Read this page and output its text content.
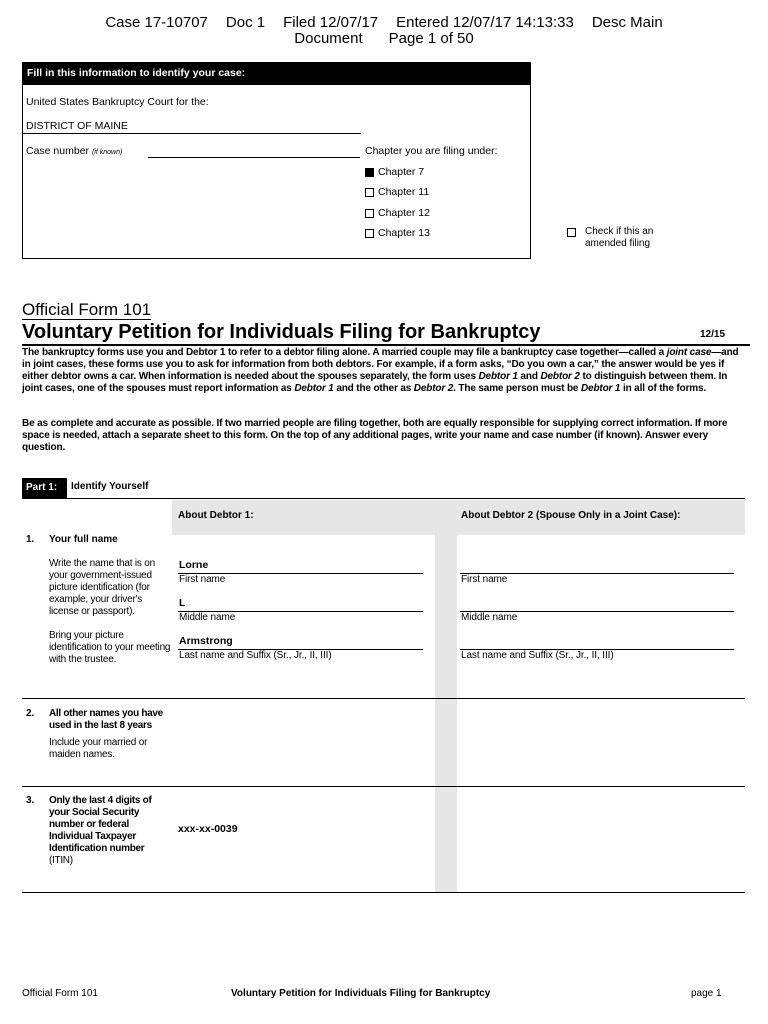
Case 17-10707 Doc 1 Filed 12/07/17 Entered 12/07/17 14:13:33 Desc Main
Document Page 1 of 50
Fill in this information to identify your case:
United States Bankruptcy Court for the:
DISTRICT OF MAINE
Case number (if known)	Chapter you are filing under:
Chapter 7
Chapter 11
Chapter 12
Chapter 13	Check if this an
amended filing
Official Form 101
Voluntary Petition for Individuals Filing for Bankruptcy	12/15

The bankruptcy forms use you and Debtor 1 to refer to a debtor filing alone. A married couple may file a bankruptcy case together—called a joint case—and in joint cases, these forms use you to ask for information from both debtors. For example, if a form asks, “Do you own a car,” the answer would be yes if either debtor owns a car. When information is needed about the spouses separately, the form uses Debtor 1 and Debtor 2 to distinguish between them. In joint cases, one of the spouses must report information as Debtor 1 and the other as Debtor 2. The same person must be Debtor 1 in all of the forms.

Be as complete and accurate as possible. If two married people are filing together, both are equally responsible for supplying correct information. If more space is needed, attach a separate sheet to this form. On the top of any additional pages, write your name and case number (if known). Answer every question.

Part 1:	Identify Yourself
About Debtor 1:	About Debtor 2 (Spouse Only in a Joint Case):
1. Your full name
Write the name that is on your government-issued picture identification (for example, your driver's license or passport).
Bring your picture identification to your meeting with the trustee.
Lorne
First name
L
Middle name
Armstrong
Last name and Suffix (Sr., Jr., II, III)
First name
Middle name
Last name and Suffix (Sr., Jr., II, III)
2. All other names you have used in the last 8 years
Include your married or maiden names.
3. Only the last 4 digits of your Social Security number or federal Individual Taxpayer Identification number
(ITIN)
xxx-xx-0039
Official Form 101	Voluntary Petition for Individuals Filing for Bankruptcy	page 1
